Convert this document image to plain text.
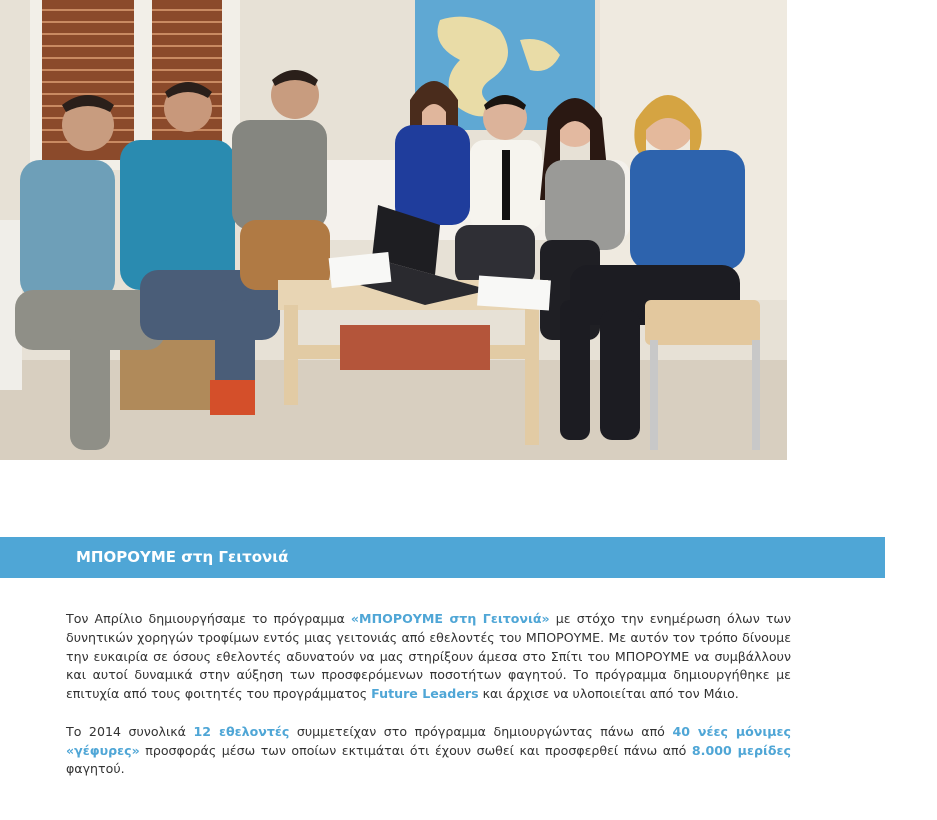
ΜΠΟΡΟΥΜΕ στη Γειτονιά

Τον Απρίλιο δημιουργήσαμε το πρόγραμμα «ΜΠΟΡΟΥΜΕ στη Γειτονιά» με στόχο την ενημέρωση όλων των δυνητικών χορηγών τροφίμων εντός μιας γειτονιάς από εθελοντές του ΜΠΟΡΟΥΜΕ. Με αυτόν τον τρόπο δίνουμε την ευκαιρία σε όσους εθελοντές αδυνατούν να μας στηρίξουν άμεσα στο Σπίτι του ΜΠΟΡΟΥΜΕ να συμβάλλουν και αυτοί δυναμικά στην αύξηση των προσφερόμενων ποσοτήτων φαγητού. Το πρόγραμμα δημιουργήθηκε με επιτυχία από τους φοιτητές του προγράμματος Future Leaders και άρχισε να υλοποιείται από τον Μάιο.

Το 2014 συνολικά 12 εθελοντές συμμετείχαν στο πρόγραμμα δημιουργώντας πάνω από 40 νέες μόνιμες «γέφυρες» προσφοράς μέσω των οποίων εκτιμάται ότι έχουν σωθεί και προσφερθεί πάνω από 8.000 μερίδες φαγητού.
